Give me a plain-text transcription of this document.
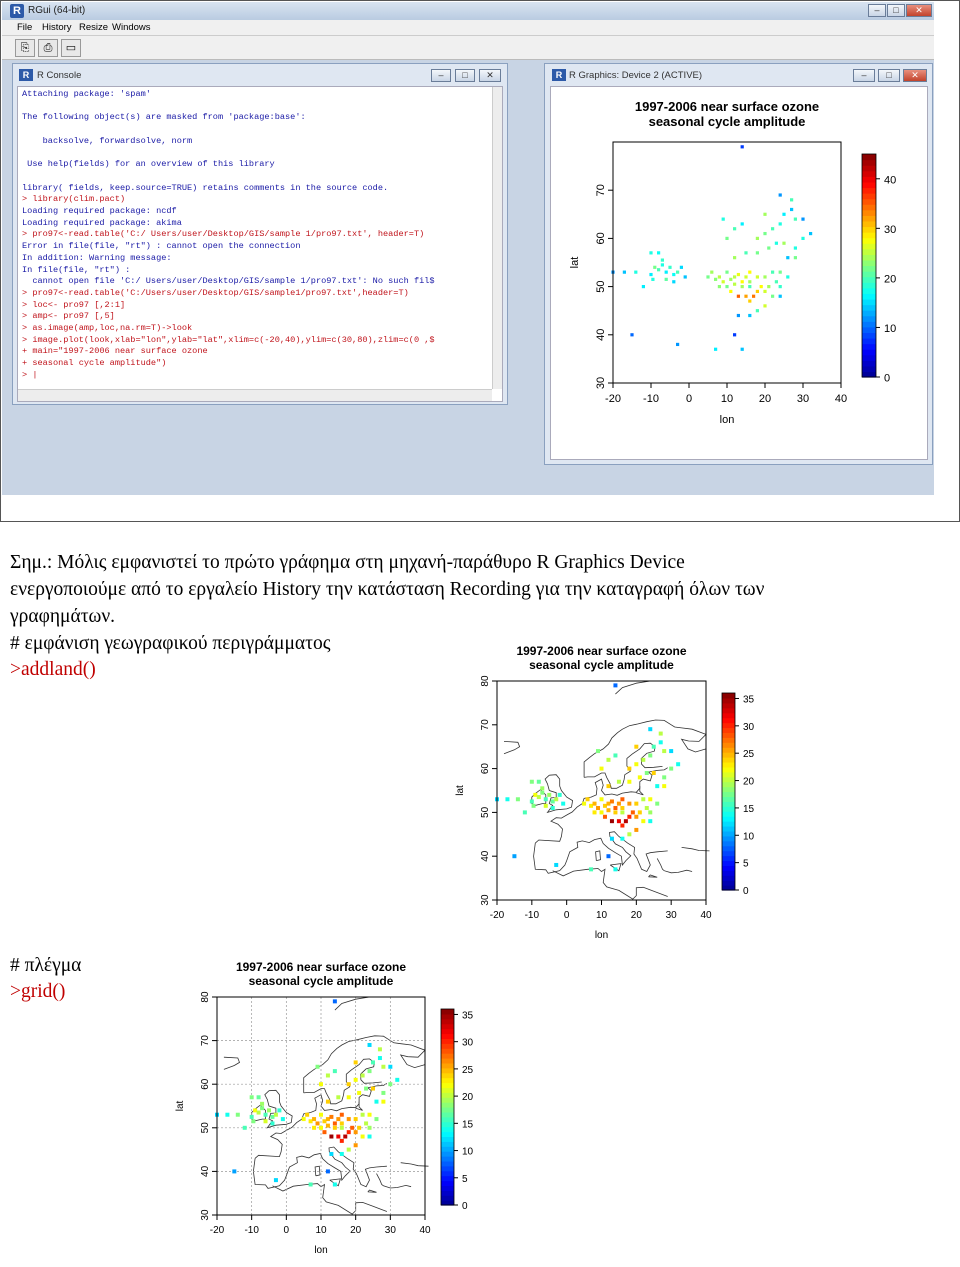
R RGui (64-bit)	–	□	✕
File History Resize Windows
⎘	⎙	▭
R R Console	–	□	✕
Attaching package: 'spam'

The following object(s) are masked from 'package:base':

backsolve, forwardsolve, norm

Use help(fields) for an overview of this library

library( fields, keep.source=TRUE) retains comments in the source code.
> library(clim.pact)
Loading required package: ncdf
Loading required package: akima
> pro97<-read.table('C:/ Users/user/Desktop/GIS/sample 1/pro97.txt', header=T)
Error in file(file, "rt") : cannot open the connection
In addition: Warning message:
In file(file, "rt") :
cannot open file 'C:/ Users/user/Desktop/GIS/sample 1/pro97.txt': No such fil$
> pro97<-read.table('C:/Users/user/Desktop/GIS/sample1/pro97.txt',header=T)
> loc<- pro97 [,2:1]
> amp<- pro97 [,5]
> as.image(amp,loc,na.rm=T)->look
> image.plot(look,xlab="lon",ylab="lat",xlim=c(-20,40),ylim=c(30,80),zlim=c(0 ,$
+ main="1997-2006 near surface ozone
+ seasonal cycle amplitude")
> |
R R Graphics: Device 2 (ACTIVE)	–	□	✕
1997-2006 near surface ozone
seasonal cycle amplitude
-20 -10 0	10 20 30 40
30
40
50
60
70
lon
lat
0
10
20
30
40
Σημ.: Μόλις εμφανιστεί το πρώτο γράφημα στη μηχανή-παράθυρο R Graphics Device
ενεργοποιούμε από το εργαλείο History την κατάσταση Recording για την καταγραφή όλων των
γραφημάτων.
# εμφάνιση γεωγραφικού περιγράμματος
>addland()
1997-2006 near surface ozone
seasonal cycle amplitude
-20 -10 0	10 20 30 40
30
40
50
60
70
80
lon
lat
0
5
10
15
20
25
30
35
# πλέγμα
>grid()
1997-2006 near surface ozone
seasonal cycle amplitude
-20 -10 0	10 20 30 40
30
40
50
60
70
80
lon
lat
0
5
10
15
20
25
30
35
